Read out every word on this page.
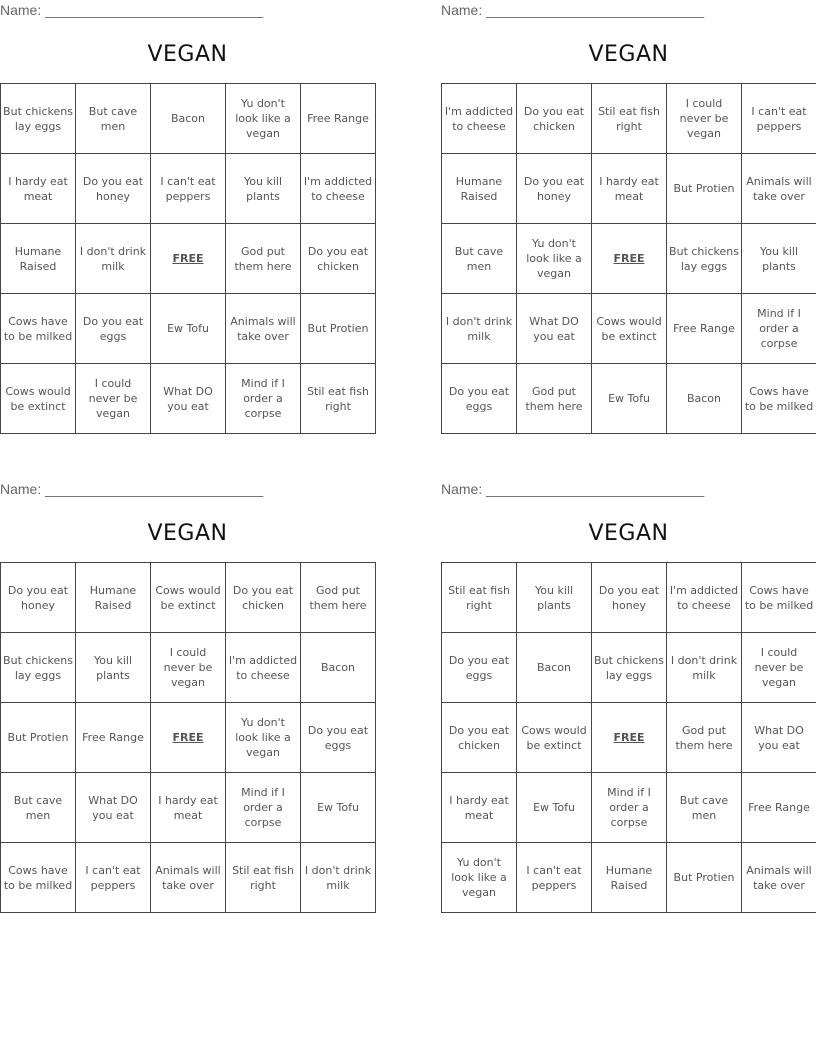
Name: ____________________________
VEGAN
But chickens lay eggs	But cave men	Bacon	Yu don't look like a vegan	Free Range
I hardy eat meat	Do you eat honey	I can't eat peppers	You kill plants	I'm addicted to cheese
Humane Raised	I don't drink milk	FREE	God put them here	Do you eat chicken
Cows have to be milked	Do you eat eggs	Ew Tofu	Animals will take over	But Protien
Cows would be extinct	I could never be vegan	What DO you eat	Mind if I order a corpse	Stil eat fish right
Name: ____________________________
VEGAN
I'm addicted to cheese	Do you eat chicken	Stil eat fish right	I could never be vegan	I can't eat peppers
Humane Raised	Do you eat honey	I hardy eat meat	But Protien	Animals will take over
But cave men	Yu don't look like a vegan	FREE	But chickens lay eggs	You kill plants
I don't drink milk	What DO you eat	Cows would be extinct	Free Range	Mind if I order a corpse
Do you eat eggs	God put them here	Ew Tofu	Bacon	Cows have to be milked
Name: ____________________________
VEGAN
Do you eat honey	Humane Raised	Cows would be extinct	Do you eat chicken	God put them here
But chickens lay eggs	You kill plants	I could never be vegan	I'm addicted to cheese	Bacon
But Protien	Free Range	FREE	Yu don't look like a vegan	Do you eat eggs
But cave men	What DO you eat	I hardy eat meat	Mind if I order a corpse	Ew Tofu
Cows have to be milked	I can't eat peppers	Animals will take over	Stil eat fish right	I don't drink milk
Name: ____________________________
VEGAN
Stil eat fish right	You kill plants	Do you eat honey	I'm addicted to cheese	Cows have to be milked
Do you eat eggs	Bacon	But chickens lay eggs	I don't drink milk	I could never be vegan
Do you eat chicken	Cows would be extinct	FREE	God put them here	What DO you eat
I hardy eat meat	Ew Tofu	Mind if I order a corpse	But cave men	Free Range
Yu don't look like a vegan	I can't eat peppers	Humane Raised	But Protien	Animals will take over
